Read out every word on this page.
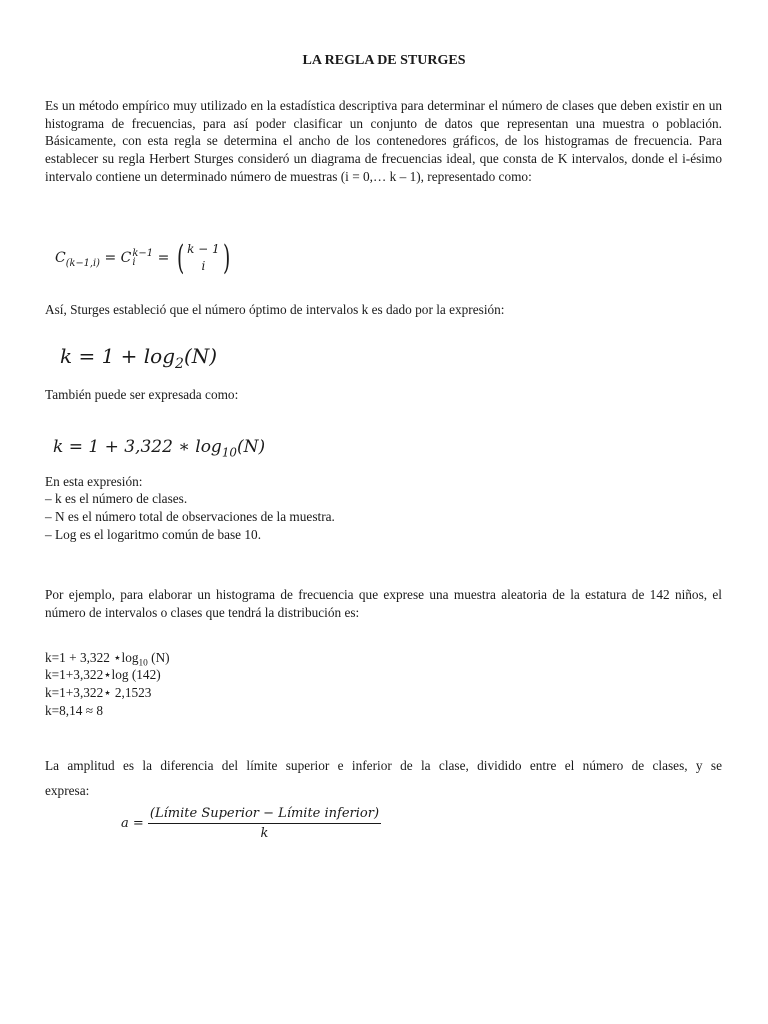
LA REGLA DE STURGES
Es un método empírico muy utilizado en la estadística descriptiva para determinar el número de clases que deben existir en un histograma de frecuencias, para así poder clasificar un conjunto de datos que representan una muestra o población. Básicamente, con esta regla se determina el ancho de los contenedores gráficos, de los histogramas de frecuencia. Para establecer su regla Herbert Sturges consideró un diagrama de frecuencias ideal, que consta de K intervalos, donde el i-ésimo intervalo contiene un determinado número de muestras (i = 0,… k – 1), representado como:
$C_{(k-1,i)} = C$ k−1
i	= ( k − 1
i )
Así, Sturges estableció que el número óptimo de intervalos k es dado por la expresión:
$k = 1 + \log_2(N)$
También puede ser expresada como:
k = 1 + 3,322 ∗ $\log_{10}(N)$
En esta expresión:
– k es el número de clases.
– N es el número total de observaciones de la muestra.
– Log es el logaritmo común de base 10.
Por ejemplo, para elaborar un histograma de frecuencia que exprese una muestra aleatoria de la estatura de 142 niños, el número de intervalos o clases que tendrá la distribución es:
k=1 + 3,322 $⋆\log_{10}$ (N)
k=1+3,322⋆log (142)
k=1+3,322⋆ 2,1523
k=8,14 ≈ 8
La amplitud es la diferencia del límite superior e inferior de la clase, dividido entre el número de clases, y se
expresa:
$a = \frac{\text{(Límite Superior − Límite inferior)}}{k}$
